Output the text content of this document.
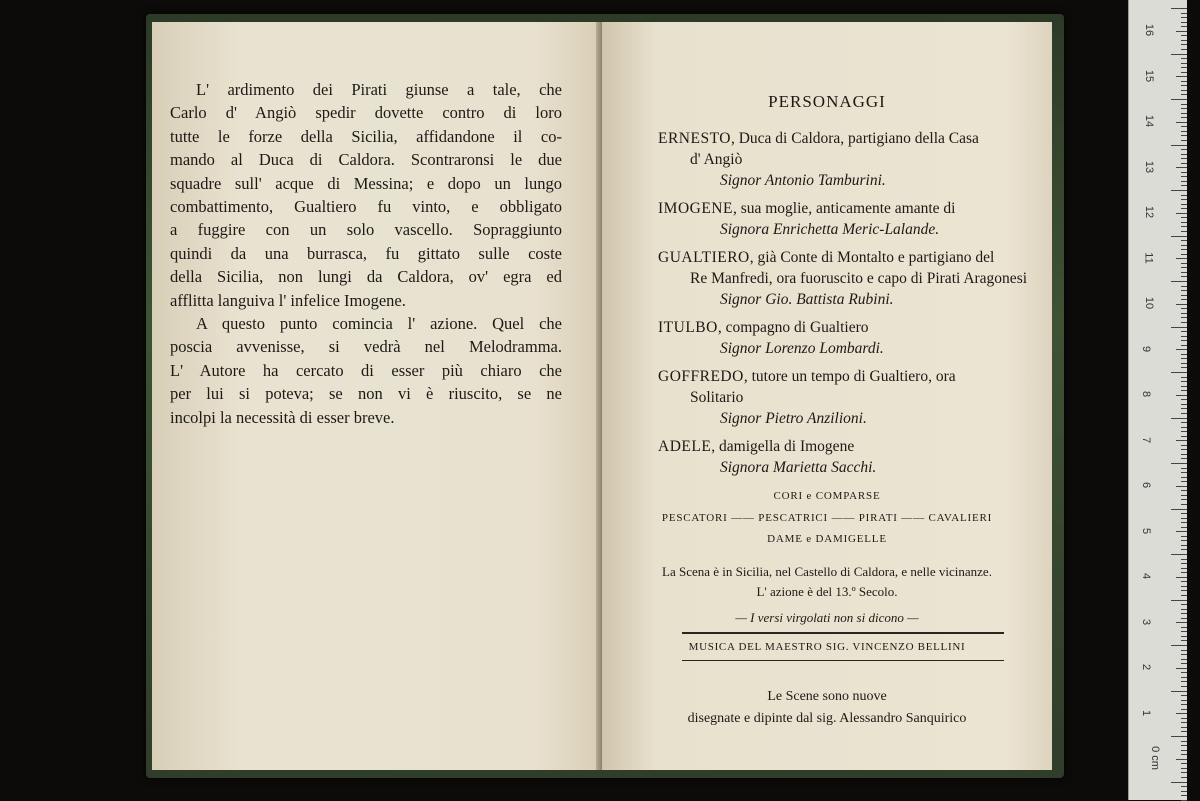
L' ardimento dei Pirati giunse a tale, che
Carlo d' Angiò spedir dovette contro di loro
tutte le forze della Sicilia, affidandone il co-
mando al Duca di Caldora. Scontraronsi le due
squadre sull' acque di Messina; e dopo un lungo
combattimento, Gualtiero fu vinto, e obbligato
a fuggire con un solo vascello. Sopraggiunto
quindi da una burrasca, fu gittato sulle coste
della Sicilia, non lungi da Caldora, ov' egra ed
afflitta languiva l' infelice Imogene.

A questo punto comincia l' azione. Quel che
poscia avvenisse, si vedrà nel Melodramma.
L' Autore ha cercato di esser più chiaro che
per lui si poteva; se non vi è riuscito, se ne
incolpi la necessità di esser breve.

PERSONAGGI
ERNESTO, Duca di Caldora, partigiano della Casa
d' Angiò
Signor Antonio Tamburini.
IMOGENE, sua moglie, anticamente amante di
Signora Enrichetta Meric-Lalande.
GUALTIERO, già Conte di Montalto e partigiano del
Re Manfredi, ora fuoruscito e capo di Pirati Aragonesi
Signor Gio. Battista Rubini.
ITULBO, compagno di Gualtiero
Signor Lorenzo Lombardi.
GOFFREDO, tutore un tempo di Gualtiero, ora
Solitario
Signor Pietro Anzilioni.
ADELE, damigella di Imogene
Signora Marietta Sacchi.
CORI e COMPARSE
PESCATORI —— PESCATRICI —— PIRATI —— CAVALIERI
DAME e DAMIGELLE
La Scena è in Sicilia, nel Castello di Caldora, e nelle vicinanze.
L' azione è del 13.º Secolo.
— I versi virgolati non si dicono —
MUSICA DEL MAESTRO SIG. VINCENZO BELLINI
Le Scene sono nuove
disegnate e dipinte dal sig. Alessandro Sanquirico
16
15
14
13
12
11
10
9
8
7
6
5
4
3
2
1
0 cm
